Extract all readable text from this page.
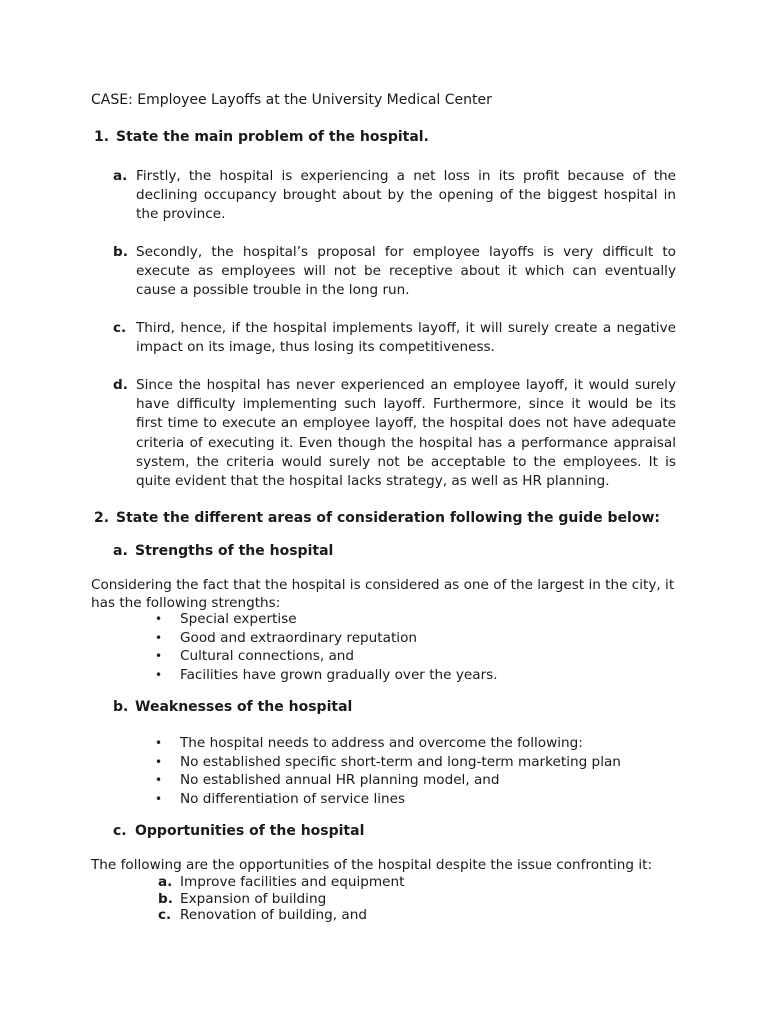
CASE: Employee Layoffs at the University Medical Center
1. State the main problem of the hospital.
a. Firstly, the hospital is experiencing a net loss in its profit because of the declining occupancy brought about by the opening of the biggest hospital in the province.
b. Secondly, the hospital’s proposal for employee layoffs is very difficult to execute as employees will not be receptive about it which can eventually cause a possible trouble in the long run.
c. Third, hence, if the hospital implements layoff, it will surely create a negative impact on its image, thus losing its competitiveness.
d. Since the hospital has never experienced an employee layoff, it would surely have difficulty implementing such layoff. Furthermore, since it would be its first time to execute an employee layoff, the hospital does not have adequate criteria of executing it. Even though the hospital has a performance appraisal system, the criteria would surely not be acceptable to the employees. It is quite evident that the hospital lacks strategy, as well as HR planning.
2. State the different areas of consideration following the guide below:
a. Strengths of the hospital
Considering the fact that the hospital is considered as one of the largest in the city, it has the following strengths:
• Special expertise
• Good and extraordinary reputation
• Cultural connections, and
• Facilities have grown gradually over the years.
b. Weaknesses of the hospital
• The hospital needs to address and overcome the following:
• No established specific short-term and long-term marketing plan
• No established annual HR planning model, and
• No differentiation of service lines
c. Opportunities of the hospital
The following are the opportunities of the hospital despite the issue confronting it:
a. Improve facilities and equipment
b. Expansion of building
c. Renovation of building, and
